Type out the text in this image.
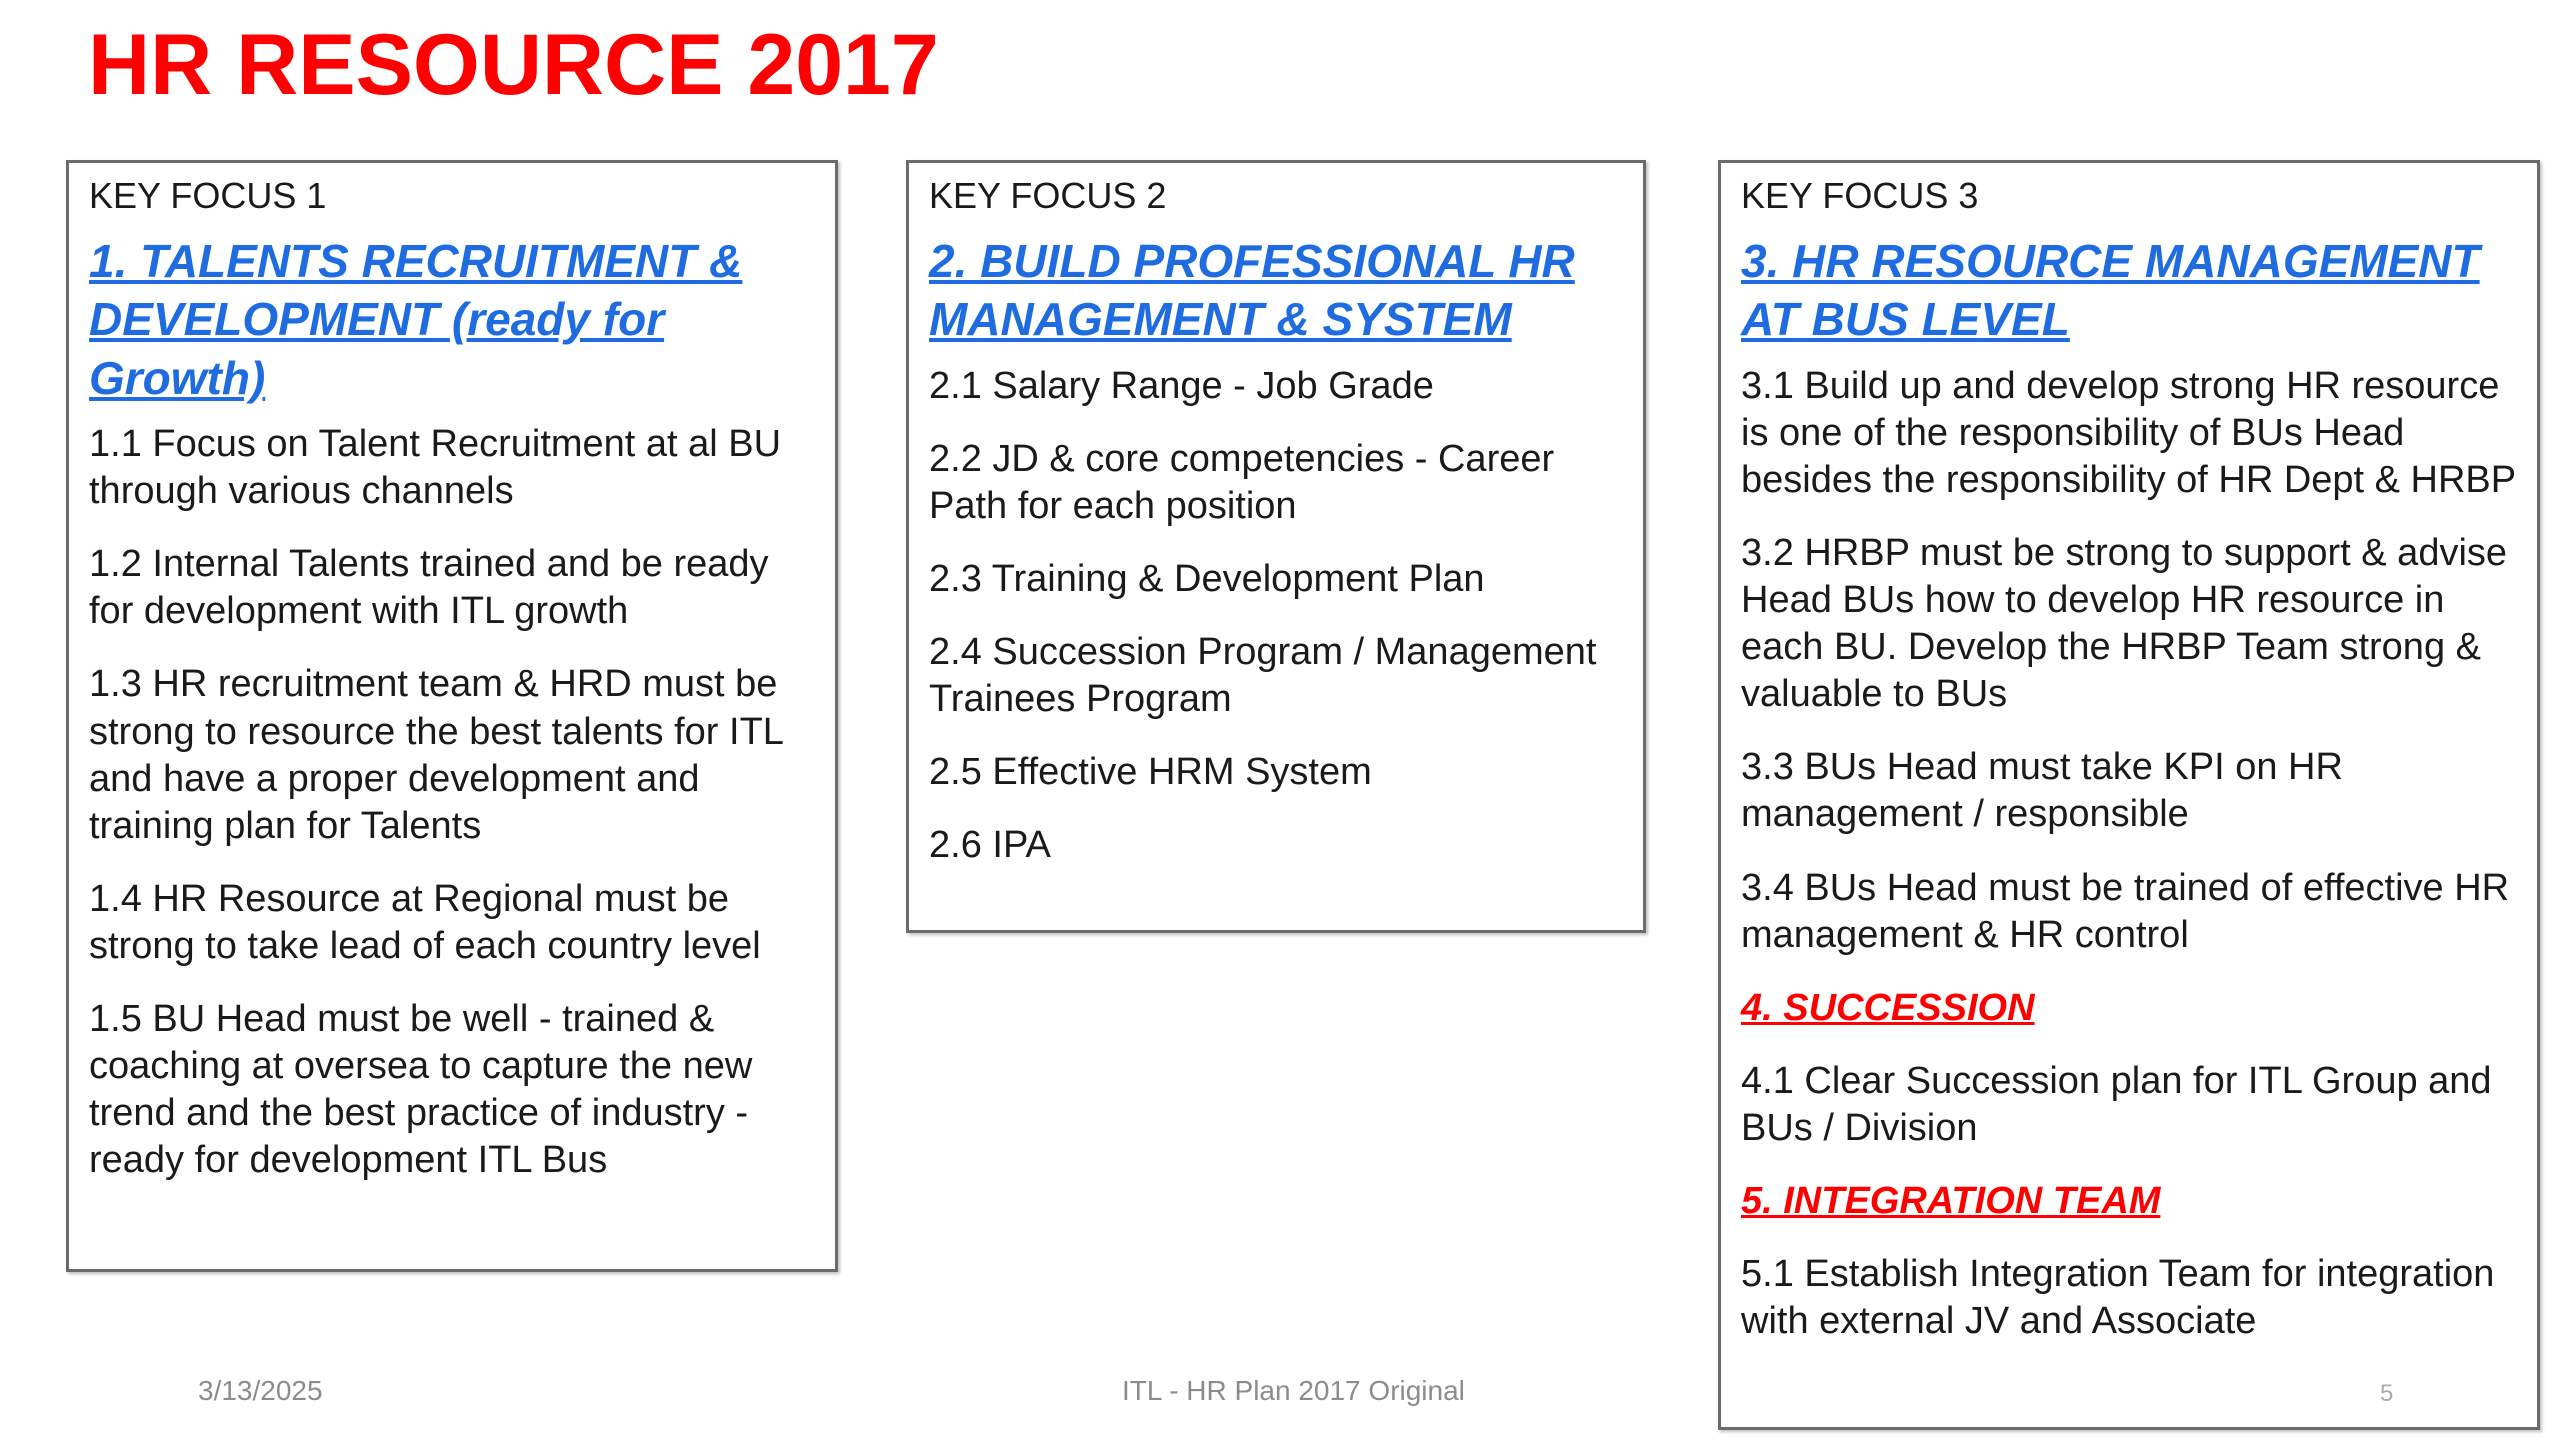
HR RESOURCE 2017
KEY FOCUS 1
1. TALENTS RECRUITMENT & DEVELOPMENT (ready for Growth)
1.1 Focus on Talent Recruitment at al BU through various channels
1.2 Internal Talents trained and be ready for development with ITL growth
1.3 HR recruitment team & HRD must be strong to resource the best talents for ITL and have a proper development and training plan for Talents
1.4 HR Resource at Regional must be strong to take lead of each country level
1.5 BU Head must be well - trained & coaching at oversea to capture the new trend and the best practice of industry - ready for development ITL Bus
KEY FOCUS 2
2. BUILD PROFESSIONAL HR MANAGEMENT & SYSTEM
2.1 Salary Range - Job Grade
2.2 JD & core competencies - Career Path for each position
2.3 Training & Development Plan
2.4 Succession Program / Management Trainees Program
2.5 Effective HRM System
2.6 IPA
KEY FOCUS 3
3. HR RESOURCE MANAGEMENT AT BUS LEVEL
3.1 Build up and develop strong HR resource is one of the responsibility of BUs Head besides the responsibility of HR Dept & HRBP
3.2 HRBP must be strong to support & advise Head BUs how to develop HR resource in each BU. Develop the HRBP Team strong & valuable to BUs
3.3 BUs Head must take KPI on HR management / responsible
3.4 BUs Head must be trained of effective HR management & HR control
4. SUCCESSION
4.1 Clear Succession plan for ITL Group and BUs / Division
5. INTEGRATION TEAM
5.1 Establish Integration Team for integration with external JV and Associate
3/13/2025	ITL - HR Plan 2017 Original	5
